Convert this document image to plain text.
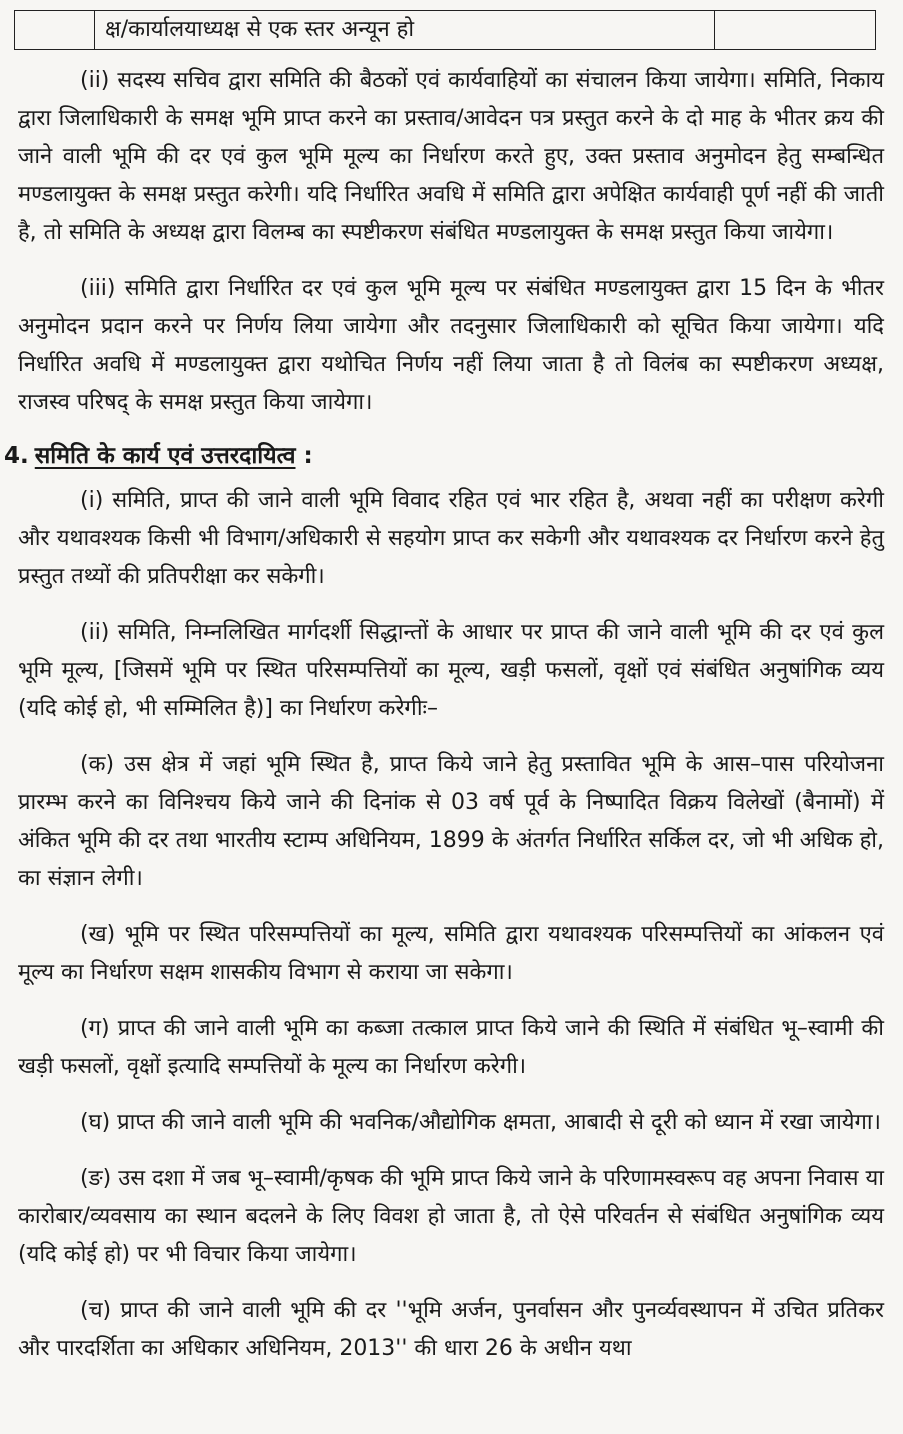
क्ष/कार्यालयाध्यक्ष से एक स्तर अन्यून हो

(ii) सदस्य सचिव द्वारा समिति की बैठकों एवं कार्यवाहियों का संचालन किया जायेगा। समिति, निकाय द्वारा जिलाधिकारी के समक्ष भूमि प्राप्त करने का प्रस्ताव/आवेदन पत्र प्रस्तुत करने के दो माह के भीतर क्रय की जाने वाली भूमि की दर एवं कुल भूमि मूल्य का निर्धारण करते हुए, उक्त प्रस्ताव अनुमोदन हेतु सम्बन्धित मण्डलायुक्त के समक्ष प्रस्तुत करेगी। यदि निर्धारित अवधि में समिति द्वारा अपेक्षित कार्यवाही पूर्ण नहीं की जाती है, तो समिति के अध्यक्ष द्वारा विलम्ब का स्पष्टीकरण संबंधित मण्डलायुक्त के समक्ष प्रस्तुत किया जायेगा।

(iii) समिति द्वारा निर्धारित दर एवं कुल भूमि मूल्य पर संबंधित मण्डलायुक्त द्वारा 15 दिन के भीतर अनुमोदन प्रदान करने पर निर्णय लिया जायेगा और तदनुसार जिलाधिकारी को सूचित किया जायेगा। यदि निर्धारित अवधि में मण्डलायुक्त द्वारा यथोचित निर्णय नहीं लिया जाता है तो विलंब का स्पष्टीकरण अध्यक्ष, राजस्व परिषद् के समक्ष प्रस्तुत किया जायेगा।

4. समिति के कार्य एवं उत्तरदायित्व :

(i) समिति, प्राप्त की जाने वाली भूमि विवाद रहित एवं भार रहित है, अथवा नहीं का परीक्षण करेगी और यथावश्यक किसी भी विभाग/अधिकारी से सहयोग प्राप्त कर सकेगी और यथावश्यक दर निर्धारण करने हेतु प्रस्तुत तथ्यों की प्रतिपरीक्षा कर सकेगी।

(ii) समिति, निम्नलिखित मार्गदर्शी सिद्धान्तों के आधार पर प्राप्त की जाने वाली भूमि की दर एवं कुल भूमि मूल्य, [जिसमें भूमि पर स्थित परिसम्पत्तियों का मूल्य, खड़ी फसलों, वृक्षों एवं संबंधित अनुषांगिक व्यय (यदि कोई हो, भी सम्मिलित है)] का निर्धारण करेगीः–

(क) उस क्षेत्र में जहां भूमि स्थित है, प्राप्त किये जाने हेतु प्रस्तावित भूमि के आस–पास परियोजना प्रारम्भ करने का विनिश्चय किये जाने की दिनांक से 03 वर्ष पूर्व के निष्पादित विक्रय विलेखों (बैनामों) में अंकित भूमि की दर तथा भारतीय स्टाम्प अधिनियम, 1899 के अंतर्गत निर्धारित सर्किल दर, जो भी अधिक हो, का संज्ञान लेगी।

(ख) भूमि पर स्थित परिसम्पत्तियों का मूल्य, समिति द्वारा यथावश्यक परिसम्पत्तियों का आंकलन एवं मूल्य का निर्धारण सक्षम शासकीय विभाग से कराया जा सकेगा।

(ग) प्राप्त की जाने वाली भूमि का कब्जा तत्काल प्राप्त किये जाने की स्थिति में संबंधित भू–स्वामी की खड़ी फसलों, वृक्षों इत्यादि सम्पत्तियों के मूल्य का निर्धारण करेगी।

(घ) प्राप्त की जाने वाली भूमि की भवनिक/औद्योगिक क्षमता, आबादी से दूरी को ध्यान में रखा जायेगा।

(ङ) उस दशा में जब भू–स्वामी/कृषक की भूमि प्राप्त किये जाने के परिणामस्वरूप वह अपना निवास या कारोबार/व्यवसाय का स्थान बदलने के लिए विवश हो जाता है, तो ऐसे परिवर्तन से संबंधित अनुषांगिक व्यय (यदि कोई हो) पर भी विचार किया जायेगा।

(च) प्राप्त की जाने वाली भूमि की दर ''भूमि अर्जन, पुनर्वासन और पुनर्व्यवस्थापन में उचित प्रतिकर और पारदर्शिता का अधिकार अधिनियम, 2013'' की धारा 26 के अधीन यथा
